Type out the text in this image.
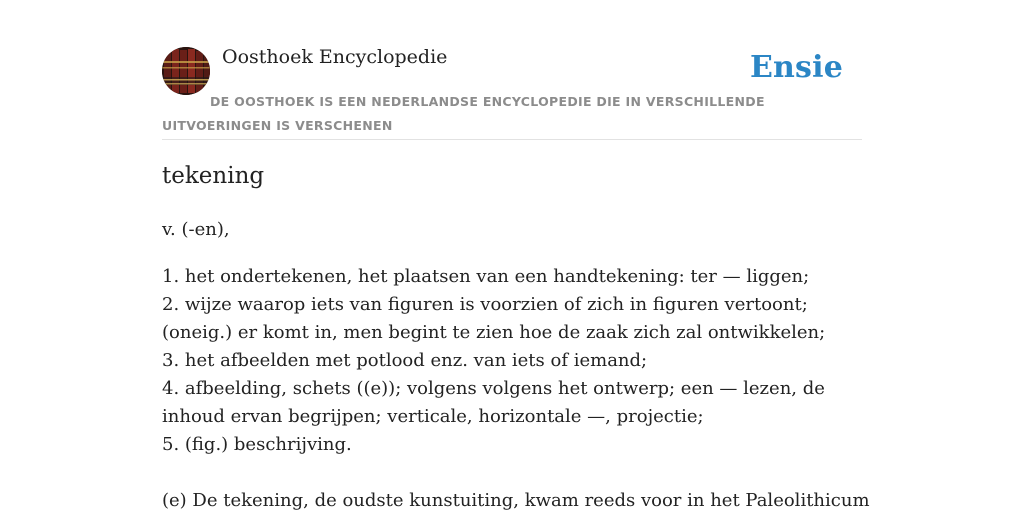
Oosthoek Encyclopedie	Ensie
DE OOSTHOEK IS EEN NEDERLANDSE ENCYCLOPEDIE DIE IN VERSCHILLENDE UITVOERINGEN IS VERSCHENEN
tekening

v. (-en),

1. het ondertekenen, het plaatsen van een handtekening: ter — liggen;
2. wijze waarop iets van figuren is voorzien of zich in figuren vertoont; (oneig.) er komt in, men begint te zien hoe de zaak zich zal ontwikkelen;
3. het afbeelden met potlood enz. van iets of iemand;
4. afbeelding, schets ((e)); volgens volgens het ontwerp; een — lezen, de inhoud ervan begrijpen; verticale, horizontale —, projectie;
5. (fig.) beschrijving.

(e) De tekening, de oudste kunstuiting, kwam reeds voor in het Paleolithicum
